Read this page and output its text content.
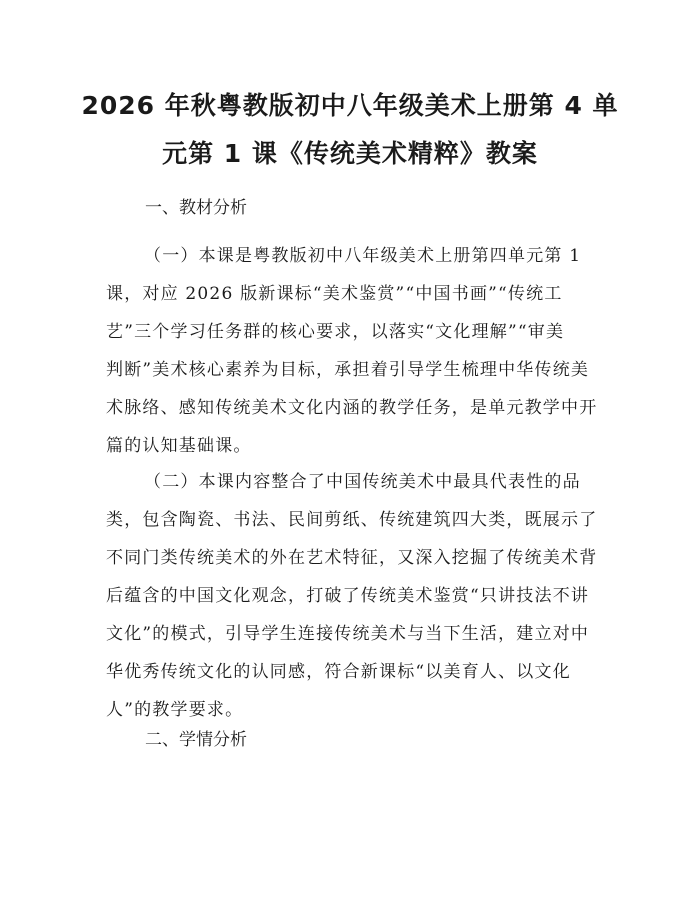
2026 年秋粤教版初中八年级美术上册第 4 单
元第 1 课《传统美术精粹》教案
一、教材分析
（一）本课是粤教版初中八年级美术上册第四单元第 1
课，对应 2026 版新课标“美术鉴赏”“中国书画”“传统工
艺”三个学习任务群的核心要求，以落实“文化理解”“审美
判断”美术核心素养为目标，承担着引导学生梳理中华传统美
术脉络、感知传统美术文化内涵的教学任务，是单元教学中开
篇的认知基础课。
（二）本课内容整合了中国传统美术中最具代表性的品
类，包含陶瓷、书法、民间剪纸、传统建筑四大类，既展示了
不同门类传统美术的外在艺术特征，又深入挖掘了传统美术背
后蕴含的中国文化观念，打破了传统美术鉴赏“只讲技法不讲
文化”的模式，引导学生连接传统美术与当下生活，建立对中
华优秀传统文化的认同感，符合新课标“以美育人、以文化
人”的教学要求。
二、学情分析
